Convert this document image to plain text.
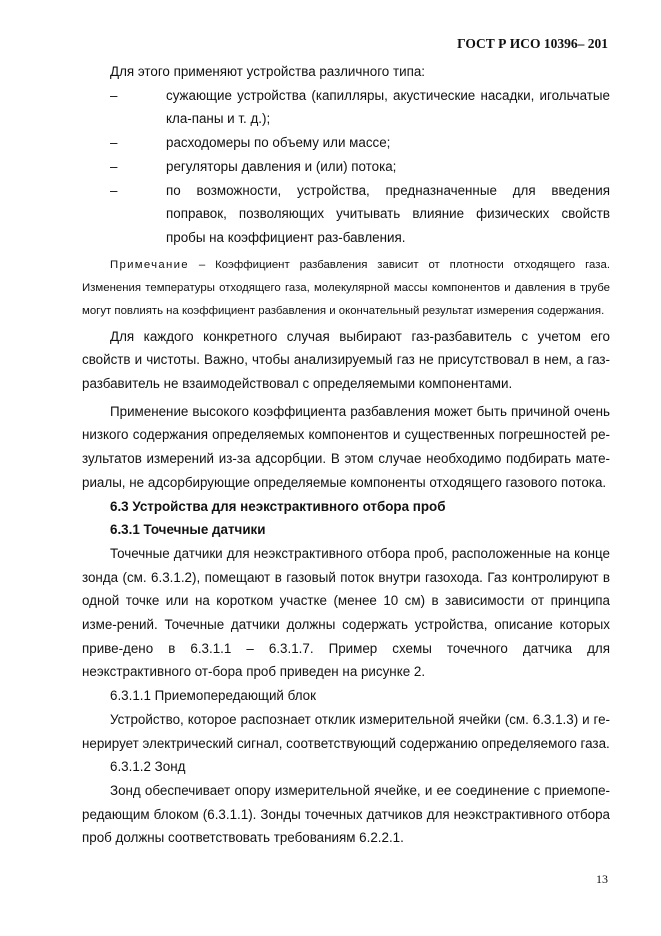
ГОСТ Р ИСО 10396– 201

Для этого применяют устройства различного типа:

–	сужающие устройства (капилляры, акустические насадки, игольчатые кла-паны и т. д.);
–	расходомеры по объему или массе;
–	регуляторы давления и (или) потока;
–	по возможности, устройства, предназначенные для введения поправок, позволяющих учитывать влияние физических свойств пробы на коэффициент раз-бавления.

Примечание – Коэффициент разбавления зависит от плотности отходящего газа. Изменения температуры отходящего газа, молекулярной массы компонентов и давления в трубе могут повлиять на коэффициент разбавления и окончательный результат измерения содержания.

Для каждого конкретного случая выбирают газ-разбавитель с учетом его свойств и чистоты. Важно, чтобы анализируемый газ не присутствовал в нем, а газ-разбавитель не взаимодействовал с определяемыми компонентами.

Применение высокого коэффициента разбавления может быть причиной очень низкого содержания определяемых компонентов и существенных погрешностей ре-зультатов измерений из-за адсорбции. В этом случае необходимо подбирать мате-риалы, не адсорбирующие определяемые компоненты отходящего газового потока.

6.3 Устройства для неэкстрактивного отбора проб

6.3.1 Точечные датчики

Точечные датчики для неэкстрактивного отбора проб, расположенные на конце зонда (см. 6.3.1.2), помещают в газовый поток внутри газохода. Газ контролируют в одной точке или на коротком участке (менее 10 см) в зависимости от принципа изме-рений. Точечные датчики должны содержать устройства, описание которых приве-дено в 6.3.1.1 – 6.3.1.7. Пример схемы точечного датчика для неэкстрактивного от-бора проб приведен на рисунке 2.

6.3.1.1 Приемопередающий блок

Устройство, которое распознает отклик измерительной ячейки (см. 6.3.1.3) и ге-нерирует электрический сигнал, соответствующий содержанию определяемого газа.

6.3.1.2 Зонд

Зонд обеспечивает опору измерительной ячейке, и ее соединение с приемопе-редающим блоком (6.3.1.1). Зонды точечных датчиков для неэкстрактивного отбора проб должны соответствовать требованиям 6.2.2.1.

13
